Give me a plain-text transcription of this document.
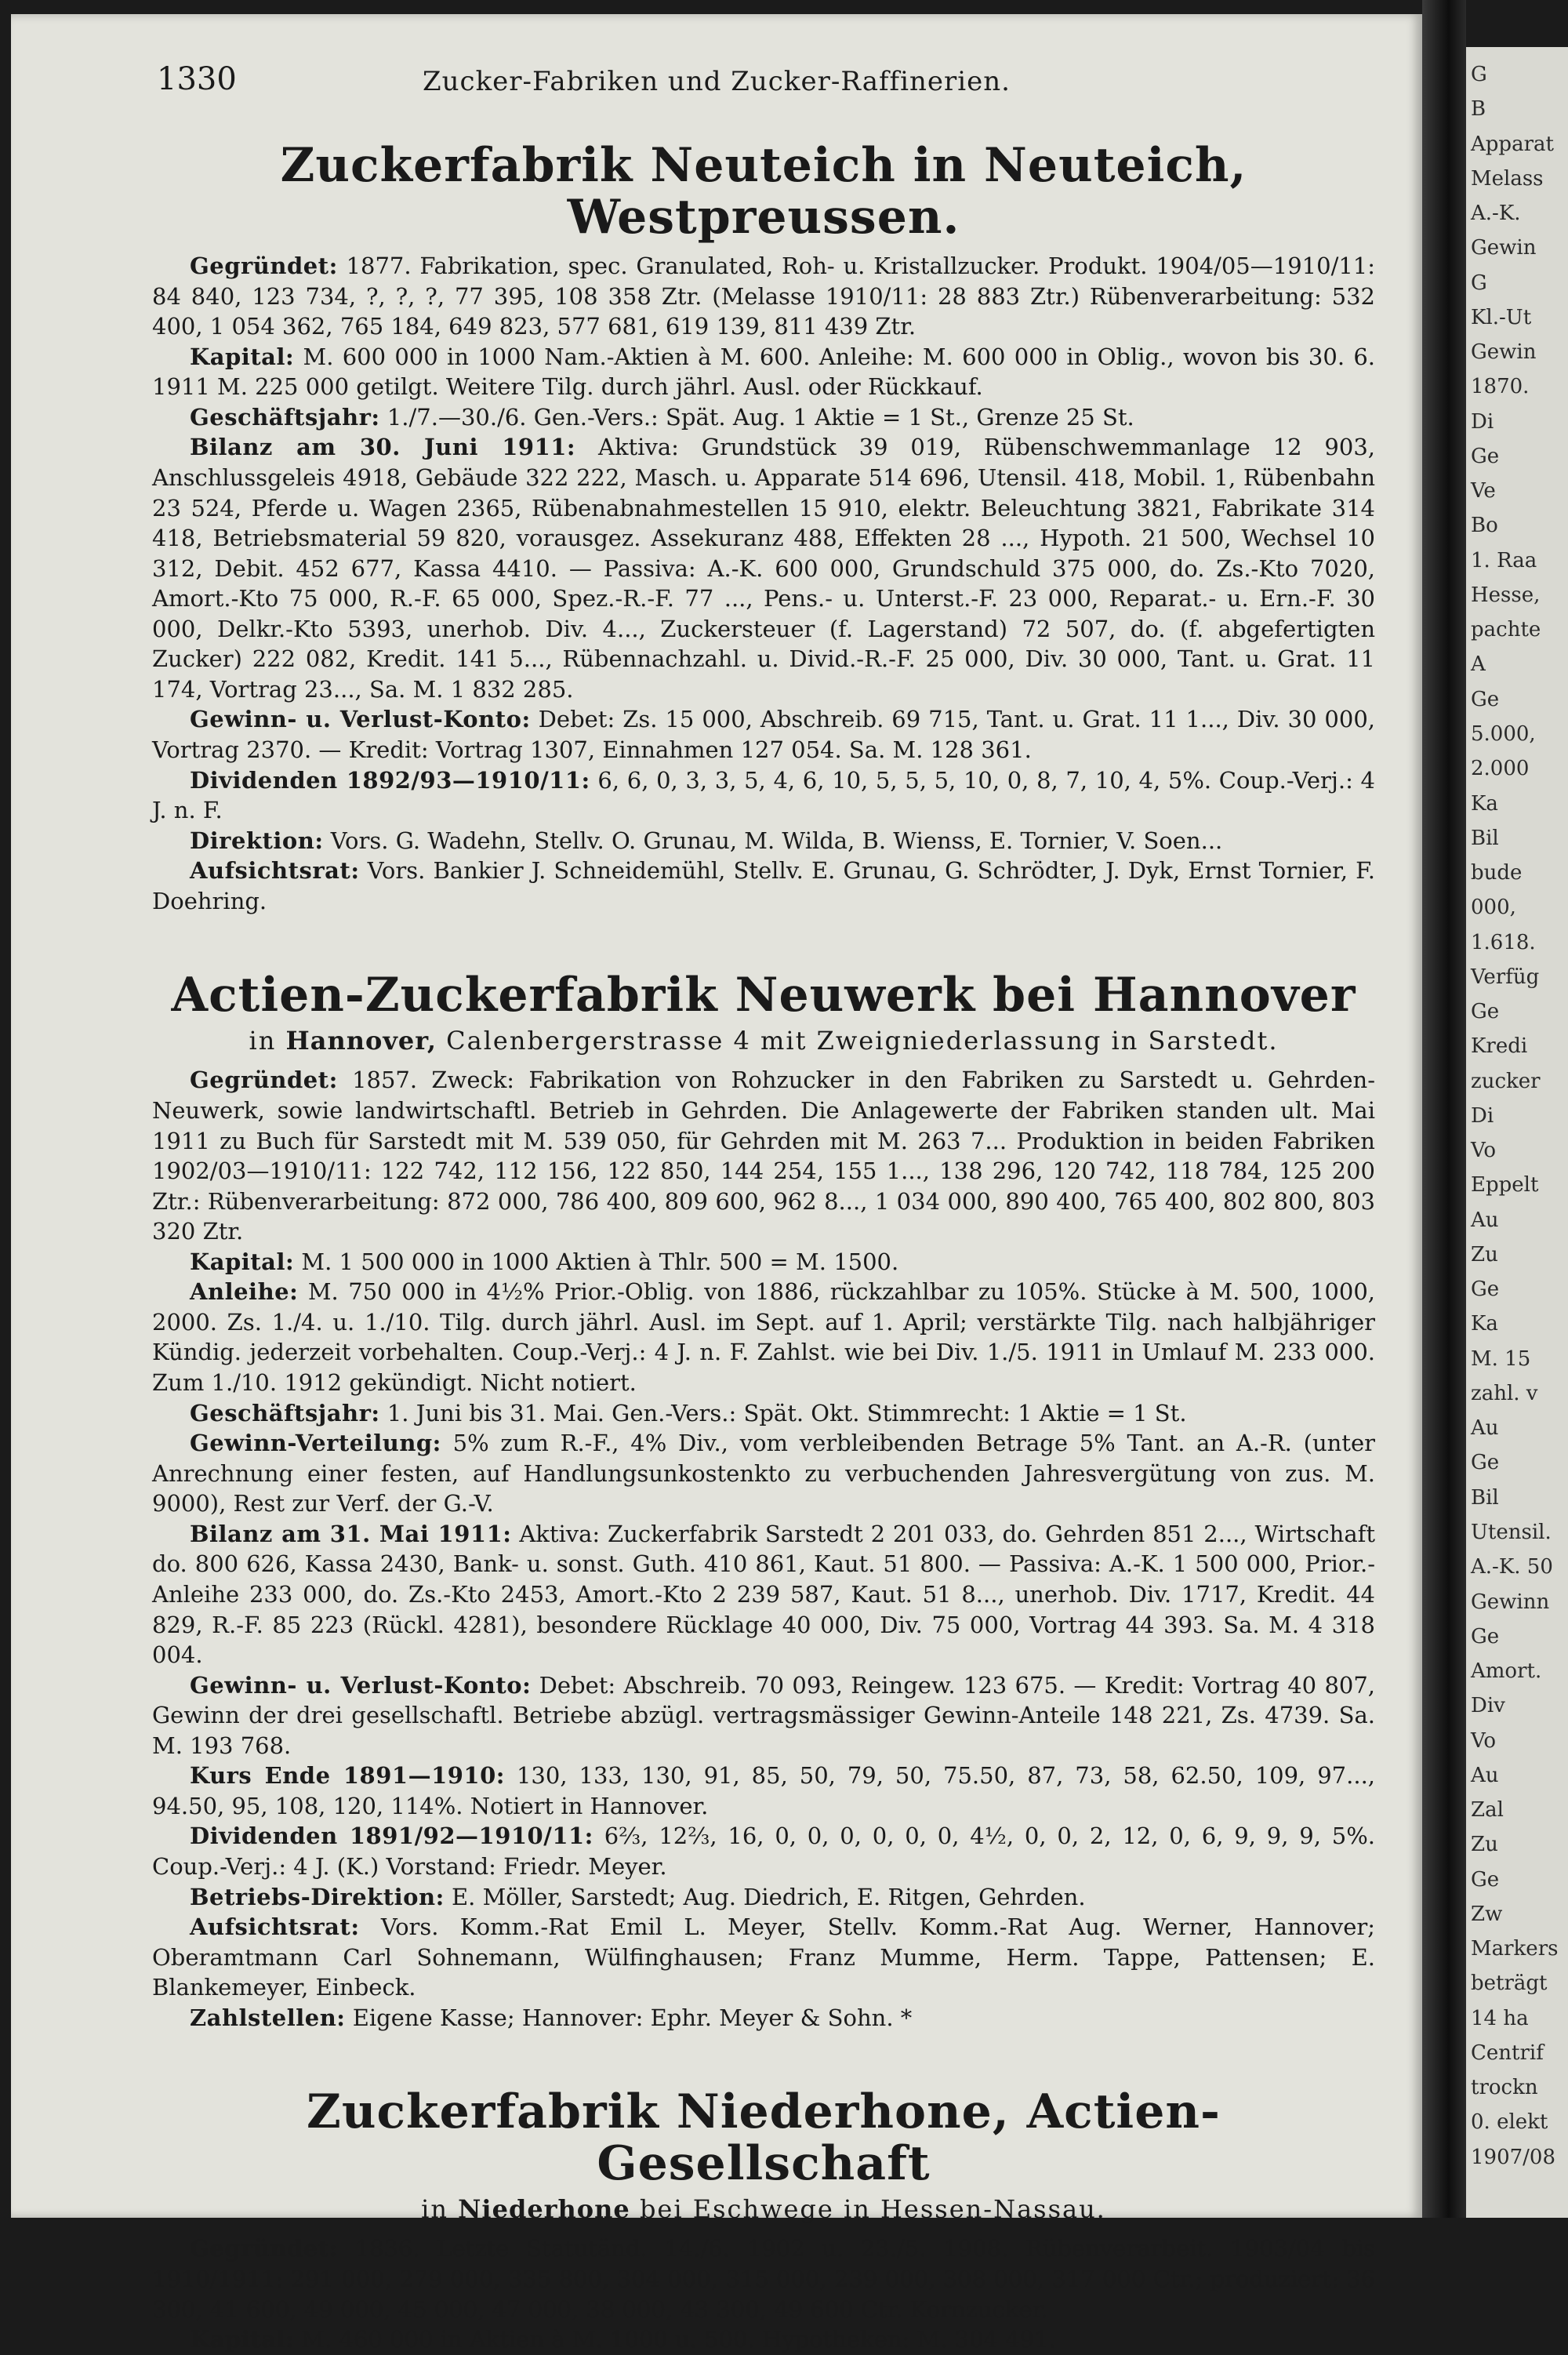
1330	Zucker-Fabriken und Zucker-Raffinerien.
Zuckerfabrik Neuteich in Neuteich, Westpreussen.

Gegründet: 1877. Fabrikation, spec. Granulated, Roh- u. Kristallzucker. Produkt. 1904/05—1910/11: 84 840, 123 734, ?, ?, ?, 77 395, 108 358 Ztr. (Melasse 1910/11: 28 883 Ztr.) Rübenverarbeitung: 532 400, 1 054 362, 765 184, 649 823, 577 681, 619 139, 811 439 Ztr.

Kapital: M. 600 000 in 1000 Nam.-Aktien à M. 600. Anleihe: M. 600 000 in Oblig., wovon bis 30. 6. 1911 M. 225 000 getilgt. Weitere Tilg. durch jährl. Ausl. oder Rückkauf.

Geschäftsjahr: 1./7.—30./6. Gen.-Vers.: Spät. Aug. 1 Aktie = 1 St., Grenze 25 St.

Bilanz am 30. Juni 1911: Aktiva: Grundstück 39 019, Rübenschwemmanlage 12 903, Anschlussgeleis 4918, Gebäude 322 222, Masch. u. Apparate 514 696, Utensil. 418, Mobil. 1, Rübenbahn 23 524, Pferde u. Wagen 2365, Rübenabnahmestellen 15 910, elektr. Beleuchtung 3821, Fabrikate 314 418, Betriebsmaterial 59 820, vorausgez. Assekuranz 488, Effekten 28 ..., Hypoth. 21 500, Wechsel 10 312, Debit. 452 677, Kassa 4410. — Passiva: A.-K. 600 000, Grundschuld 375 000, do. Zs.-Kto 7020, Amort.-Kto 75 000, R.-F. 65 000, Spez.-R.-F. 77 ..., Pens.- u. Unterst.-F. 23 000, Reparat.- u. Ern.-F. 30 000, Delkr.-Kto 5393, unerhob. Div. 4..., Zuckersteuer (f. Lagerstand) 72 507, do. (f. abgefertigten Zucker) 222 082, Kredit. 141 5..., Rübennachzahl. u. Divid.-R.-F. 25 000, Div. 30 000, Tant. u. Grat. 11 174, Vortrag 23..., Sa. M. 1 832 285.

Gewinn- u. Verlust-Konto: Debet: Zs. 15 000, Abschreib. 69 715, Tant. u. Grat. 11 1..., Div. 30 000, Vortrag 2370. — Kredit: Vortrag 1307, Einnahmen 127 054. Sa. M. 128 361.

Dividenden 1892/93—1910/11: 6, 6, 0, 3, 3, 5, 4, 6, 10, 5, 5, 5, 10, 0, 8, 7, 10, 4, 5%. Coup.-Verj.: 4 J. n. F.

Direktion: Vors. G. Wadehn, Stellv. O. Grunau, M. Wilda, B. Wienss, E. Tornier, V. Soen...

Aufsichtsrat: Vors. Bankier J. Schneidemühl, Stellv. E. Grunau, G. Schrödter, J. Dyk, Ernst Tornier, F. Doehring.

Actien-Zuckerfabrik Neuwerk bei Hannover
in Hannover, Calenbergerstrasse 4 mit Zweigniederlassung in Sarstedt.

Gegründet: 1857. Zweck: Fabrikation von Rohzucker in den Fabriken zu Sarstedt u. Gehrden-Neuwerk, sowie landwirtschaftl. Betrieb in Gehrden. Die Anlagewerte der Fabriken standen ult. Mai 1911 zu Buch für Sarstedt mit M. 539 050, für Gehrden mit M. 263 7... Produktion in beiden Fabriken 1902/03—1910/11: 122 742, 112 156, 122 850, 144 254, 155 1..., 138 296, 120 742, 118 784, 125 200 Ztr.: Rübenverarbeitung: 872 000, 786 400, 809 600, 962 8..., 1 034 000, 890 400, 765 400, 802 800, 803 320 Ztr.

Kapital: M. 1 500 000 in 1000 Aktien à Thlr. 500 = M. 1500.

Anleihe: M. 750 000 in 4½% Prior.-Oblig. von 1886, rückzahlbar zu 105%. Stücke à M. 500, 1000, 2000. Zs. 1./4. u. 1./10. Tilg. durch jährl. Ausl. im Sept. auf 1. April; verstärkte Tilg. nach halbjähriger Kündig. jederzeit vorbehalten. Coup.-Verj.: 4 J. n. F. Zahlst. wie bei Div. 1./5. 1911 in Umlauf M. 233 000. Zum 1./10. 1912 gekündigt. Nicht notiert.

Geschäftsjahr: 1. Juni bis 31. Mai. Gen.-Vers.: Spät. Okt. Stimmrecht: 1 Aktie = 1 St.

Gewinn-Verteilung: 5% zum R.-F., 4% Div., vom verbleibenden Betrage 5% Tant. an A.-R. (unter Anrechnung einer festen, auf Handlungsunkostenkto zu verbuchenden Jahresvergütung von zus. M. 9000), Rest zur Verf. der G.-V.

Bilanz am 31. Mai 1911: Aktiva: Zuckerfabrik Sarstedt 2 201 033, do. Gehrden 851 2..., Wirtschaft do. 800 626, Kassa 2430, Bank- u. sonst. Guth. 410 861, Kaut. 51 800. — Passiva: A.-K. 1 500 000, Prior.-Anleihe 233 000, do. Zs.-Kto 2453, Amort.-Kto 2 239 587, Kaut. 51 8..., unerhob. Div. 1717, Kredit. 44 829, R.-F. 85 223 (Rückl. 4281), besondere Rücklage 40 000, Div. 75 000, Vortrag 44 393. Sa. M. 4 318 004.

Gewinn- u. Verlust-Konto: Debet: Abschreib. 70 093, Reingew. 123 675. — Kredit: Vortrag 40 807, Gewinn der drei gesellschaftl. Betriebe abzügl. vertragsmässiger Gewinn-Anteile 148 221, Zs. 4739. Sa. M. 193 768.

Kurs Ende 1891—1910: 130, 133, 130, 91, 85, 50, 79, 50, 75.50, 87, 73, 58, 62.50, 109, 97..., 94.50, 95, 108, 120, 114%. Notiert in Hannover.

Dividenden 1891/92—1910/11: 6⅔, 12⅔, 16, 0, 0, 0, 0, 0, 0, 4½, 0, 0, 2, 12, 0, 6, 9, 9, 9, 5%. Coup.-Verj.: 4 J. (K.) Vorstand: Friedr. Meyer.

Betriebs-Direktion: E. Möller, Sarstedt; Aug. Diedrich, E. Ritgen, Gehrden.

Aufsichtsrat: Vors. Komm.-Rat Emil L. Meyer, Stellv. Komm.-Rat Aug. Werner, Hannover; Oberamtmann Carl Sohnemann, Wülfinghausen; Franz Mumme, Herm. Tappe, Pattensen; E. Blankemeyer, Einbeck.

Zahlstellen: Eigene Kasse; Hannover: Ephr. Meyer & Sohn. *

Zuckerfabrik Niederhone, Actien-Gesellschaft
in Niederhone bei Eschwege in Hessen-Nassau.

Gegründet: 1836. Letzte Statutänd. 14./6. 1902 u. 23./5. 1908. Rübenverarbeit. 1903/04 bis 1910/1911: 291 000, 279 000, 335 800, 304 000, 315 000, 239 000, 308 000, 317 000 Ctr.; produziert: 36 300, 41 600, 49 000, 45 000, 47 000, 38 000, 43 300, 49 600 Ctr. Kornzucker.

Kapital: M. 460 000 in Aktien à M. 1000 u. 500. Hypotheken: M. 304 491.

G
B
Apparat
Melass
A.-K.
Gewin
G
Kl.-Ut
Gewin
1870.
Di
Ge
Ve
Bo
1. Raa
Hesse,
pachte
A
Ge
5.000,
2.000
Ka
Bil
bude
000,
1.618.
Verfüg
Ge
Kredi
zucker
Di
Vo
Eppelt
Au
Zu
Ge
Ka
M. 15
zahl. v
Au
Ge
Bil
Utensil.
A.-K. 50
Gewinn
Ge
Amort.
Div
Vo
Au
Zal
Zu
Ge
Zw
Markers
beträgt
14 ha
Centrif
trockn
0. elekt
1907/08
